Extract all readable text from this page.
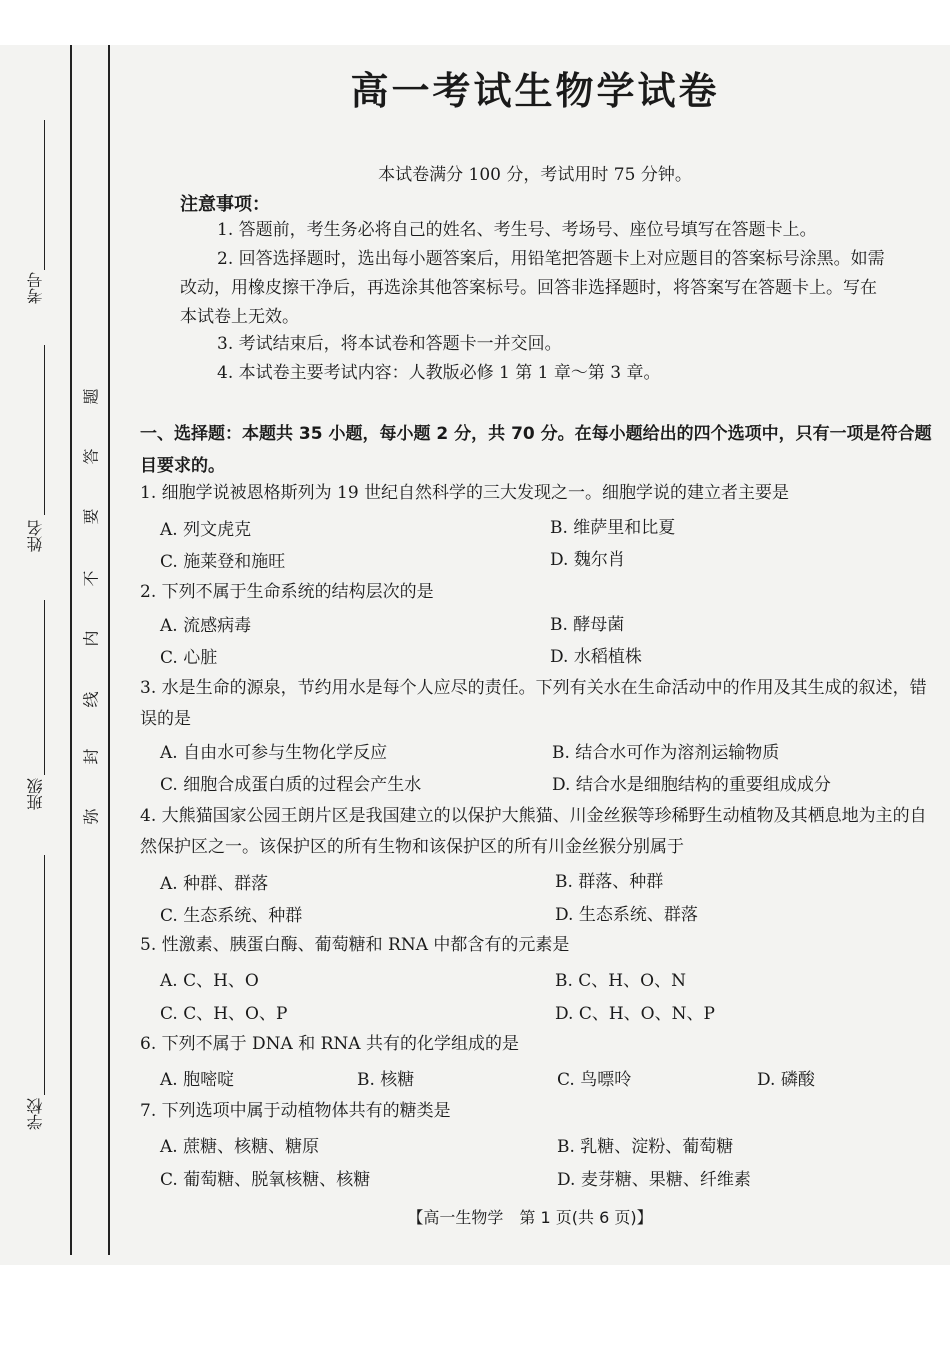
考号
姓名
班级
学校
题
答
要
不
内
线
封
弥
高一考试生物学试卷
本试卷满分 100 分，考试用时 75 分钟。
注意事项：
1. 答题前，考生务必将自己的姓名、考生号、考场号、座位号填写在答题卡上。
2. 回答选择题时，选出每小题答案后，用铅笔把答题卡上对应题目的答案标号涂黑。如需改动，用橡皮擦干净后，再选涂其他答案标号。回答非选择题时，将答案写在答题卡上。写在本试卷上无效。
3. 考试结束后，将本试卷和答题卡一并交回。
4. 本试卷主要考试内容：人教版必修 1 第 1 章～第 3 章。
一、选择题：本题共 35 小题，每小题 2 分，共 70 分。在每小题给出的四个选项中，只有一项是符合题目要求的。
1. 细胞学说被恩格斯列为 19 世纪自然科学的三大发现之一。细胞学说的建立者主要是
A. 列文虎克	B. 维萨里和比夏
C. 施莱登和施旺	D. 魏尔肖
2. 下列不属于生命系统的结构层次的是
A. 流感病毒	B. 酵母菌
C. 心脏	D. 水稻植株
3. 水是生命的源泉，节约用水是每个人应尽的责任。下列有关水在生命活动中的作用及其生成的叙述，错误的是
A. 自由水可参与生物化学反应	B. 结合水可作为溶剂运输物质
C. 细胞合成蛋白质的过程会产生水	D. 结合水是细胞结构的重要组成成分
4. 大熊猫国家公园王朗片区是我国建立的以保护大熊猫、川金丝猴等珍稀野生动植物及其栖息地为主的自然保护区之一。该保护区的所有生物和该保护区的所有川金丝猴分别属于
A. 种群、群落	B. 群落、种群
C. 生态系统、种群	D. 生态系统、群落
5. 性激素、胰蛋白酶、葡萄糖和 RNA 中都含有的元素是
A. C、H、O	B. C、H、O、N
C. C、H、O、P	D. C、H、O、N、P
6. 下列不属于 DNA 和 RNA 共有的化学组成的是
A. 胞嘧啶	B. 核糖	C. 鸟嘌呤	D. 磷酸
7. 下列选项中属于动植物体共有的糖类是
A. 蔗糖、核糖、糖原	B. 乳糖、淀粉、葡萄糖
C. 葡萄糖、脱氧核糖、核糖	D. 麦芽糖、果糖、纤维素
【高一生物学　第 1 页(共 6 页)】
